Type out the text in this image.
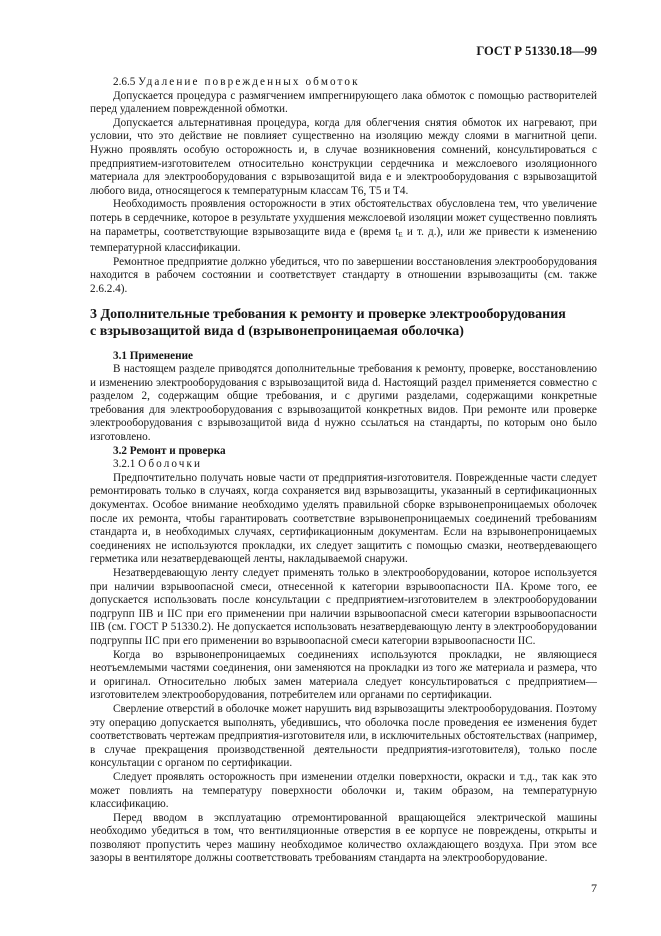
ГОСТ Р 51330.18—99

2.6.5 Удаление поврежденных обмоток

Допускается процедура с размягчением импрегнирующего лака обмоток с помощью растворителей перед удалением поврежденной обмотки.

Допускается альтернативная процедура, когда для облегчения снятия обмоток их нагревают, при условии, что это действие не повлияет существенно на изоляцию между слоями в магнитной цепи. Нужно проявлять особую осторожность и, в случае возникновения сомнений, консультироваться с предприятием-изготовителем относительно конструкции сердечника и межслоевого изоляционного материала для электрооборудования с взрывозащитой вида е и электрооборудования с взрывозащитой любого вида, относящегося к температурным классам Т6, Т5 и Т4.

Необходимость проявления осторожности в этих обстоятельствах обусловлена тем, что увеличение потерь в сердечнике, которое в результате ухудшения межслоевой изоляции может существенно повлиять на параметры, соответствующие взрывозащите вида е (время $t_E$ и т. д.), или же привести к изменению температурной классификации.

Ремонтное предприятие должно убедиться, что по завершении восстановления электрооборудования находится в рабочем состоянии и соответствует стандарту в отношении взрывозащиты (см. также 2.6.2.4).

3 Дополнительные требования к ремонту и проверке электрооборудования
с взрывозащитой вида d (взрывонепроницаемая оболочка)

3.1 Применение

В настоящем разделе приводятся дополнительные требования к ремонту, проверке, восстановлению и изменению электрооборудования с взрывозащитой вида d. Настоящий раздел применяется совместно с разделом 2, содержащим общие требования, и с другими разделами, содержащими конкретные требования для электрооборудования с взрывозащитой конкретных видов. При ремонте или проверке электрооборудования с взрывозащитой вида d нужно ссылаться на стандарты, по которым оно было изготовлено.

3.2 Ремонт и проверка

3.2.1 Оболочки

Предпочтительно получать новые части от предприятия-изготовителя. Поврежденные части следует ремонтировать только в случаях, когда сохраняется вид взрывозащиты, указанный в сертификационных документах. Особое внимание необходимо уделять правильной сборке взрывонепроницаемых оболочек после их ремонта, чтобы гарантировать соответствие взрывонепроницаемых соединений требованиям стандарта и, в необходимых случаях, сертификационным документам. Если на взрывонепроницаемых соединениях не используются прокладки, их следует защитить с помощью смазки, неотвердевающего герметика или незатвердевающей ленты, накладываемой снаружи.

Незатвердевающую ленту следует применять только в электрооборудовании, которое используется при наличии взрывоопасной смеси, отнесенной к категории взрывоопасности IIA. Кроме того, ее допускается использовать после консультации с предприятием-изготовителем в электрооборудовании подгрупп IIB и IIC при его применении при наличии взрывоопасной смеси категории взрывоопасности IIB (см. ГОСТ Р 51330.2). Не допускается использовать незатвердевающую ленту в электрооборудовании подгруппы IIC при его применении во взрывоопасной смеси категории взрывоопасности IIC.

Когда во взрывонепроницаемых соединениях используются прокладки, не являющиеся неотъемлемыми частями соединения, они заменяются на прокладки из того же материала и размера, что и оригинал. Относительно любых замен материала следует консультироваться с предприятием—изготовителем электрооборудования, потребителем или органами по сертификации.

Сверление отверстий в оболочке может нарушить вид взрывозащиты электрооборудования. Поэтому эту операцию допускается выполнять, убедившись, что оболочка после проведения ее изменения будет соответствовать чертежам предприятия-изготовителя или, в исключительных обстоятельствах (например, в случае прекращения производственной деятельности предприятия-изготовителя), только после консультации с органом по сертификации.

Следует проявлять осторожность при изменении отделки поверхности, окраски и т.д., так как это может повлиять на температуру поверхности оболочки и, таким образом, на температурную классификацию.

Перед вводом в эксплуатацию отремонтированной вращающейся электрической машины необходимо убедиться в том, что вентиляционные отверстия в ее корпусе не повреждены, открыты и позволяют пропустить через машину необходимое количество охлаждающего воздуха. При этом все зазоры в вентиляторе должны соответствовать требованиям стандарта на электрооборудование.

7
